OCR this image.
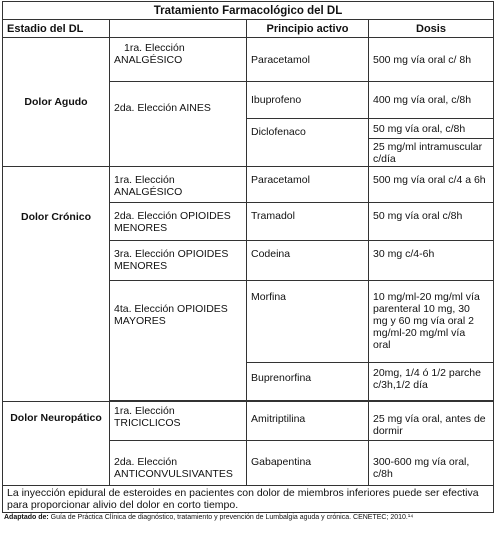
Tratamiento Farmacológico del DL			
Estadio del DL		Principio activo	Dosis
Dolor Agudo	1ra. Elección ANALGÉSICO	Paracetamol	500 mg vía oral c/ 8h
	2da. Elección AINES	Ibuprofeno	400 mg vía oral, c/8h
		Diclofenaco	50 mg vía oral, c/8h
			25 mg/ml intramuscular c/día
Dolor Crónico	1ra. Elección ANALGÉSICO	Paracetamol	500 mg vía oral c/4 a 6h
	2da. Elección OPIOIDES MENORES	Tramadol	50 mg vía oral c/8h
	3ra. Elección OPIOIDES MENORES	Codeina	30 mg c/4-6h
	4ta. Elección OPIOIDES MAYORES	Morfina	10 mg/ml-20 mg/ml vía parenteral 10 mg, 30 mg y 60 mg vía oral 2 mg/ml-20 mg/ml vía oral
		Buprenorfina	20mg, 1/4 ó 1/2 parche c/3h,1/2 día

Dolor Neuropático	1ra. Elección TRICICLICOS	Amitriptilina	25 mg vía oral, antes de dormir
	2da. Elección ANTICONVULSIVANTES	Gabapentina	300-600 mg vía oral, c/8h
La inyección epidural de esteroides en pacientes con dolor de miembros inferiores puede ser efectiva para proporcionar alivio del dolor en corto tiempo.			
Adaptado de: Guía de Práctica Clínica de diagnóstico, tratamiento y prevención de Lumbalgia aguda y crónica. CENETEC; 2010.¹⁴
